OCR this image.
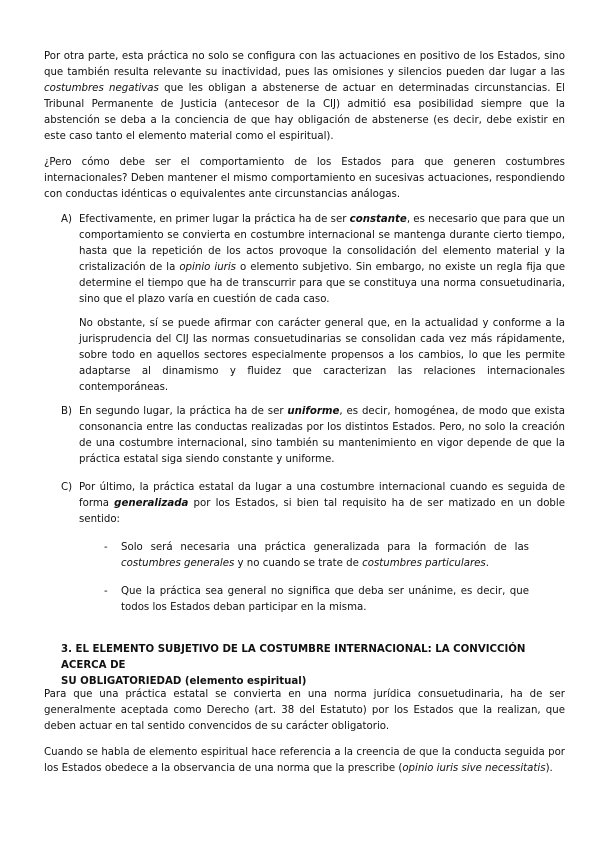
Por otra parte, esta práctica no solo se configura con las actuaciones en positivo de los Estados, sino que también resulta relevante su inactividad, pues las omisiones y silencios pueden dar lugar a las costumbres negativas que les obligan a abstenerse de actuar en determinadas circunstancias. El Tribunal Permanente de Justicia (antecesor de la CIJ) admitió esa posibilidad siempre que la abstención se deba a la conciencia de que hay obligación de abstenerse (es decir, debe existir en este caso tanto el elemento material como el espiritual).

¿Pero cómo debe ser el comportamiento de los Estados para que generen costumbres internacionales? Deben mantener el mismo comportamiento en sucesivas actuaciones, respondiendo con conductas idénticas o equivalentes ante circunstancias análogas.

A) Efectivamente, en primer lugar la práctica ha de ser constante, es necesario que para que un comportamiento se convierta en costumbre internacional se mantenga durante cierto tiempo, hasta que la repetición de los actos provoque la consolidación del elemento material y la cristalización de la opinio iuris o elemento subjetivo. Sin embargo, no existe un regla fija que determine el tiempo que ha de transcurrir para que se constituya una norma consuetudinaria, sino que el plazo varía en cuestión de cada caso.

No obstante, sí se puede afirmar con carácter general que, en la actualidad y conforme a la jurisprudencia del CIJ las normas consuetudinarias se consolidan cada vez más rápidamente, sobre todo en aquellos sectores especialmente propensos a los cambios, lo que les permite adaptarse al dinamismo y fluidez que caracterizan las relaciones internacionales contemporáneas.

B) En segundo lugar, la práctica ha de ser uniforme, es decir, homogénea, de modo que exista consonancia entre las conductas realizadas por los distintos Estados. Pero, no solo la creación de una costumbre internacional, sino también su mantenimiento en vigor depende de que la práctica estatal siga siendo constante y uniforme.

C) Por último, la práctica estatal da lugar a una costumbre internacional cuando es seguida de forma generalizada por los Estados, si bien tal requisito ha de ser matizado en un doble sentido:

- Solo será necesaria una práctica generalizada para la formación de las costumbres generales y no cuando se trate de costumbres particulares.

- Que la práctica sea general no significa que deba ser unánime, es decir, que todos los Estados deban participar en la misma.

3. EL ELEMENTO SUBJETIVO DE LA COSTUMBRE INTERNACIONAL: LA CONVICCIÓN ACERCA DE
SU OBLIGATORIEDAD (elemento espiritual)

Para que una práctica estatal se convierta en una norma jurídica consuetudinaria, ha de ser generalmente aceptada como Derecho (art. 38 del Estatuto) por los Estados que la realizan, que deben actuar en tal sentido convencidos de su carácter obligatorio.

Cuando se habla de elemento espiritual hace referencia a la creencia de que la conducta seguida por los Estados obedece a la observancia de una norma que la prescribe (opinio iuris sive necessitatis).
